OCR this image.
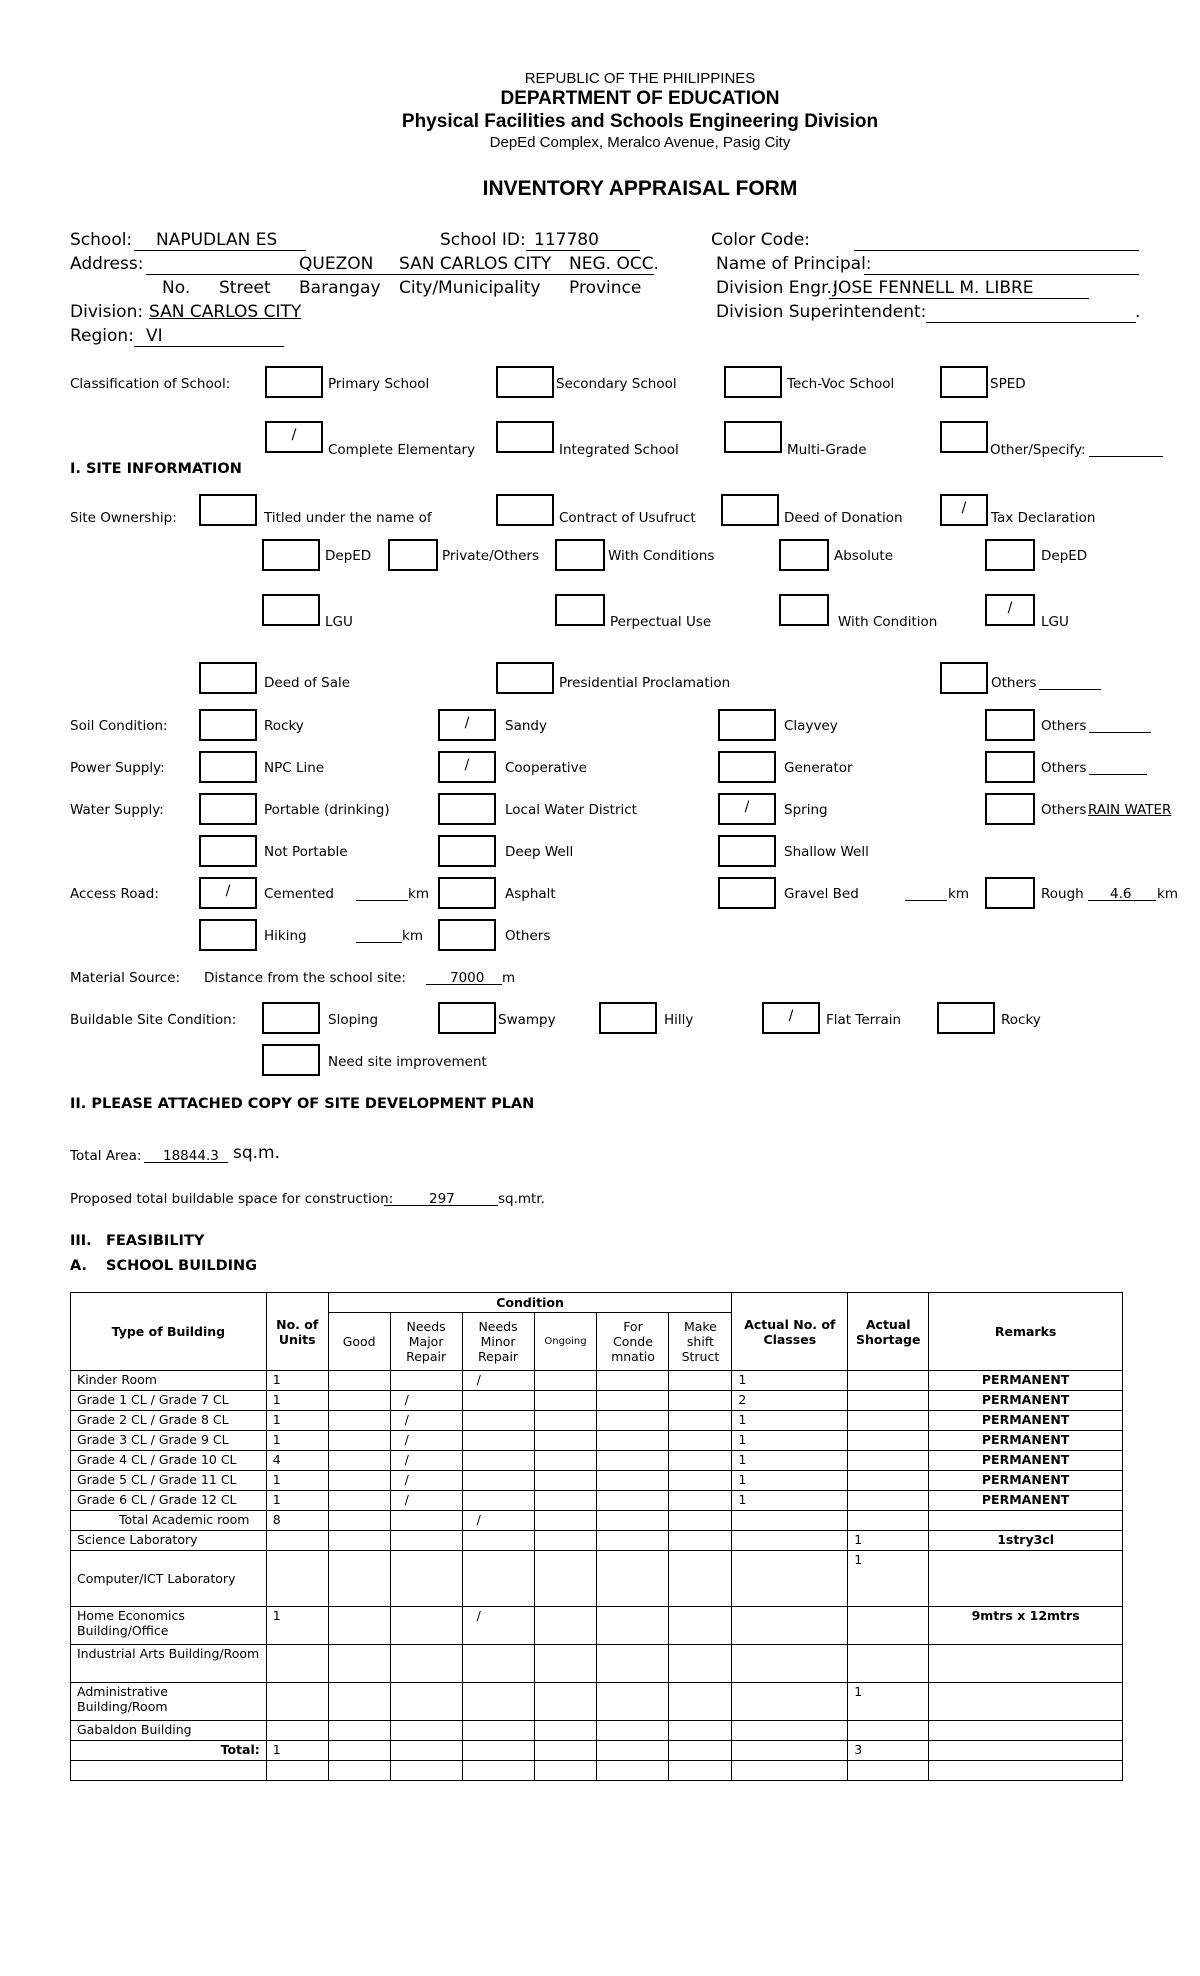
REPUBLIC OF THE PHILIPPINES
DEPARTMENT OF EDUCATION
Physical Facilities and Schools Engineering Division
DepEd Complex, Meralco Avenue, Pasig City
INVENTORY APPRAISAL FORM
School: NAPUDLAN ES	School ID: 117780	Color Code:
Address:	QUEZON SAN CARLOS CITY NEG. OCC.	Name of Principal:
No. Street Barangay City/Municipality Province	Division Engr.:
JOSE FENNELL M. LIBRE
Division: SAN CARLOS CITY	Division Superintendent:	.
Region: VI
Classification of School:	Primary School	Secondary School	Tech-Voc School	SPED
/
Complete Elementary	Integrated School	Multi-Grade	Other/Specify:
I. SITE INFORMATION
Site Ownership:	Titled under the name of	Contract of Usufruct	Deed of Donation
/
Tax Declaration
DepED	Private/Others	With Conditions	Absolute	DepED
LGU	Perpectual Use	With Condition
/
LGU
Deed of Sale	Presidential Proclamation	Others
Soil Condition:	Rocky	/	Sandy	Clayvey	Others
Power Supply:	NPC Line	/	Cooperative	Generator	Others
Water Supply:	Portable (drinking)	Local Water District	/	Spring	Others RAIN WATER
Not Portable	Deep Well	Shallow Well
Access Road:	/	Cemented	km	Asphalt	Gravel Bed	km	Rough 4.6 km
Hiking	km	Others
Material Source: Distance from the school site:	7000 m
Buildable Site Condition:	Sloping	Swampy	Hilly	/	Flat Terrain	Rocky
Need site improvement
II. PLEASE ATTACHED COPY OF SITE DEVELOPMENT PLAN
Total Area: 18844.3 sq.m.
Proposed total buildable space for construction:	297	sq.mtr.
III. FEASIBILITY
A. SCHOOL BUILDING
Type of Building	No. of Units	Condition						Actual No. of Classes	Actual Shortage	Remarks
		Good	Needs Major Repair	Needs Minor Repair	Ongoing	For Conde mnatio	Make shift Struct			
Kinder Room	1			/				1		PERMANENT
Grade 1 CL / Grade 7 CL	1		/					2		PERMANENT
Grade 2 CL / Grade 8 CL	1		/					1		PERMANENT
Grade 3 CL / Grade 9 CL	1		/					1		PERMANENT
Grade 4 CL / Grade 10 CL	4		/					1		PERMANENT
Grade 5 CL / Grade 11 CL	1		/					1		PERMANENT
Grade 6 CL / Grade 12 CL	1		/					1		PERMANENT
Total Academic room	8			/						
Science Laboratory									1	1stry3cl
Computer/ICT Laboratory									1	
Home Economics Building/Office	1			/						9mtrs x 12mtrs
Industrial Arts Building/Room										
Administrative Building/Room									1	
Gabaldon Building										
Total:	1								3	
